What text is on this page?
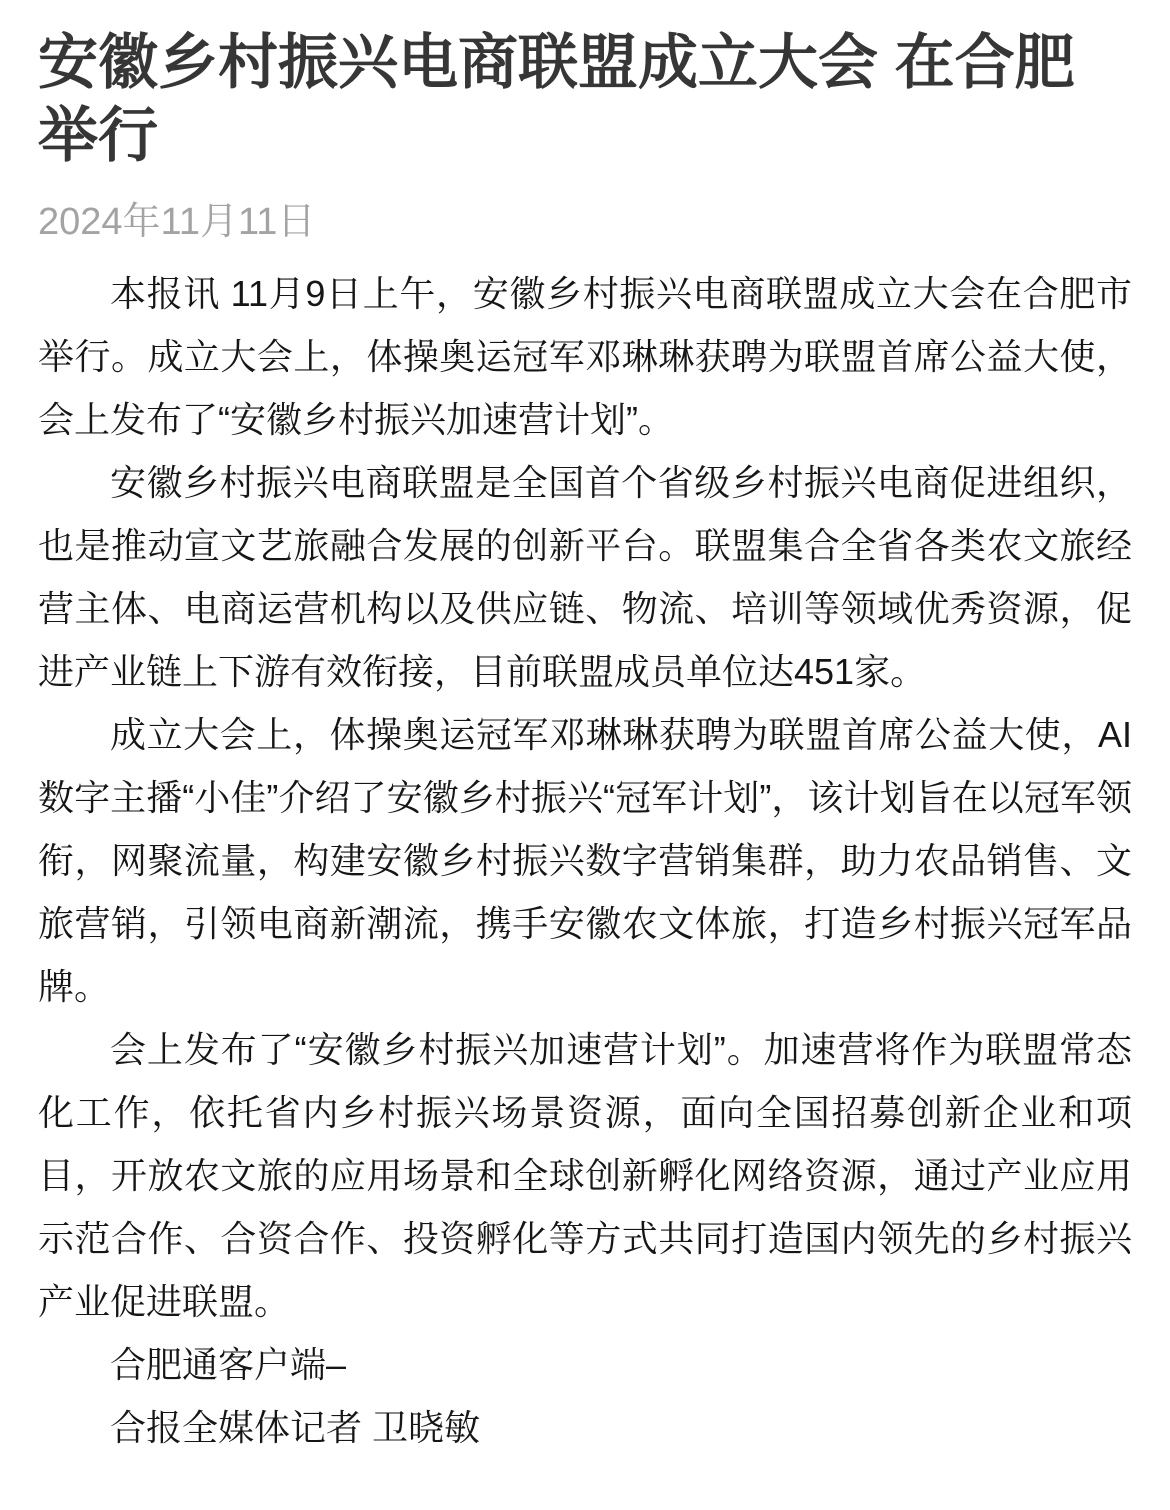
安徽乡村振兴电商联盟成立大会 在合肥举行

2024年11月11日

本报讯 11月9日上午，安徽乡村振兴电商联盟成立大会在合肥市举行。成立大会上，体操奥运冠军邓琳琳获聘为联盟首席公益大使，会上发布了“安徽乡村振兴加速营计划”。

安徽乡村振兴电商联盟是全国首个省级乡村振兴电商促进组织，也是推动宣文艺旅融合发展的创新平台。联盟集合全省各类农文旅经营主体、电商运营机构以及供应链、物流、培训等领域优秀资源，促进产业链上下游有效衔接，目前联盟成员单位达451家。

成立大会上，体操奥运冠军邓琳琳获聘为联盟首席公益大使，AI数字主播“小佳”介绍了安徽乡村振兴“冠军计划”，该计划旨在以冠军领衔，网聚流量，构建安徽乡村振兴数字营销集群，助力农品销售、文旅营销，引领电商新潮流，携手安徽农文体旅，打造乡村振兴冠军品牌。

会上发布了“安徽乡村振兴加速营计划”。加速营将作为联盟常态化工作，依托省内乡村振兴场景资源，面向全国招募创新企业和项目，开放农文旅的应用场景和全球创新孵化网络资源，通过产业应用示范合作、合资合作、投资孵化等方式共同打造国内领先的乡村振兴产业促进联盟。

合肥通客户端–

合报全媒体记者 卫晓敏
